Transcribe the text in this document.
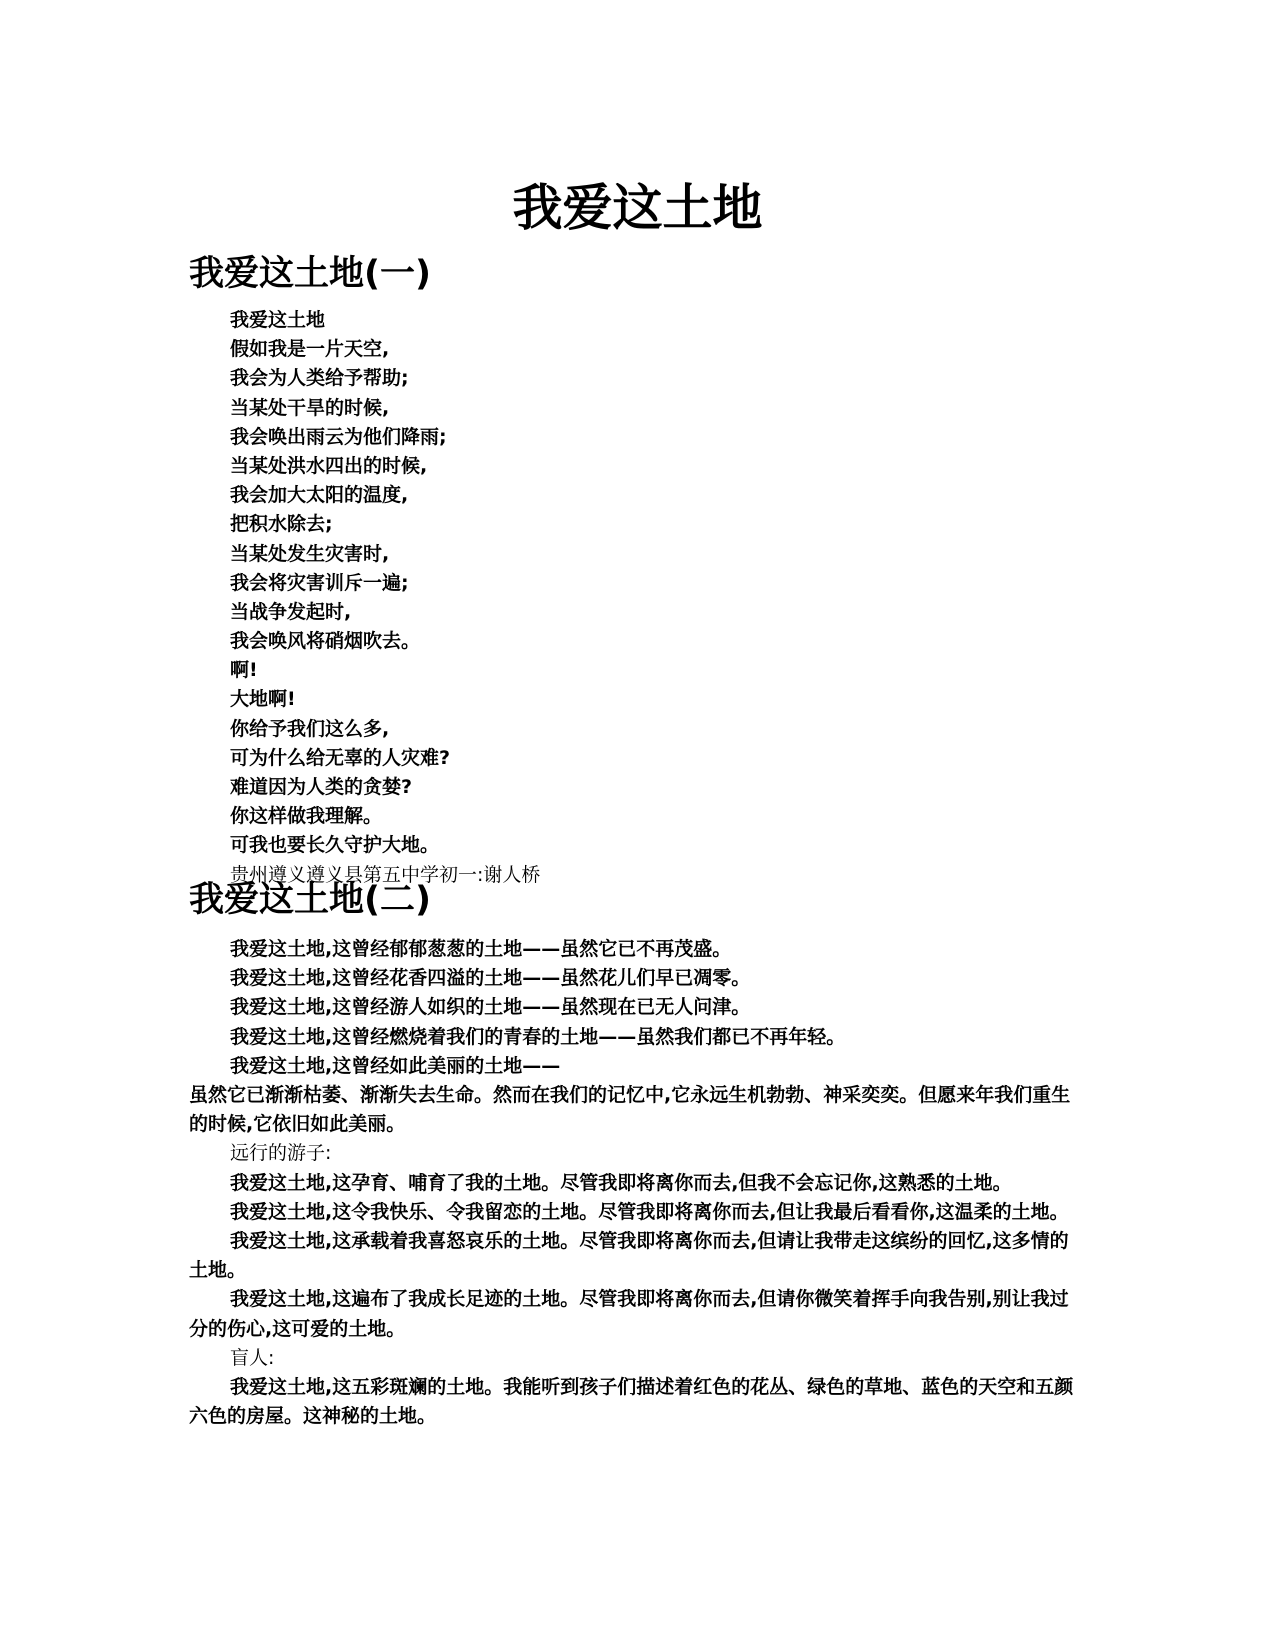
我爱这土地
我爱这土地(一)
我爱这土地
假如我是一片天空,
我会为人类给予帮助;
当某处干旱的时候,
我会唤出雨云为他们降雨;
当某处洪水四出的时候,
我会加大太阳的温度,
把积水除去;
当某处发生灾害时,
我会将灾害训斥一遍;
当战争发起时,
我会唤风将硝烟吹去。
啊!
大地啊!
你给予我们这么多,
可为什么给无辜的人灾难?
难道因为人类的贪婪?
你这样做我理解。
可我也要长久守护大地。
贵州遵义遵义县第五中学初一:谢人桥
我爱这土地(二)

我爱这土地,这曾经郁郁葱葱的土地——虽然它已不再茂盛。

我爱这土地,这曾经花香四溢的土地——虽然花儿们早已凋零。

我爱这土地,这曾经游人如织的土地——虽然现在已无人问津。

我爱这土地,这曾经燃烧着我们的青春的土地——虽然我们都已不再年轻。

我爱这土地,这曾经如此美丽的土地——

虽然它已渐渐枯萎、渐渐失去生命。然而在我们的记忆中,它永远生机勃勃、神采奕奕。但愿来年我们重生的时候,它依旧如此美丽。

远行的游子:

我爱这土地,这孕育、哺育了我的土地。尽管我即将离你而去,但我不会忘记你,这熟悉的土地。

我爱这土地,这令我快乐、令我留恋的土地。尽管我即将离你而去,但让我最后看看你,这温柔的土地。

我爱这土地,这承载着我喜怒哀乐的土地。尽管我即将离你而去,但请让我带走这缤纷的回忆,这多情的土地。

我爱这土地,这遍布了我成长足迹的土地。尽管我即将离你而去,但请你微笑着挥手向我告别,别让我过分的伤心,这可爱的土地。

盲人:

我爱这土地,这五彩斑斓的土地。我能听到孩子们描述着红色的花丛、绿色的草地、蓝色的天空和五颜六色的房屋。这神秘的土地。
